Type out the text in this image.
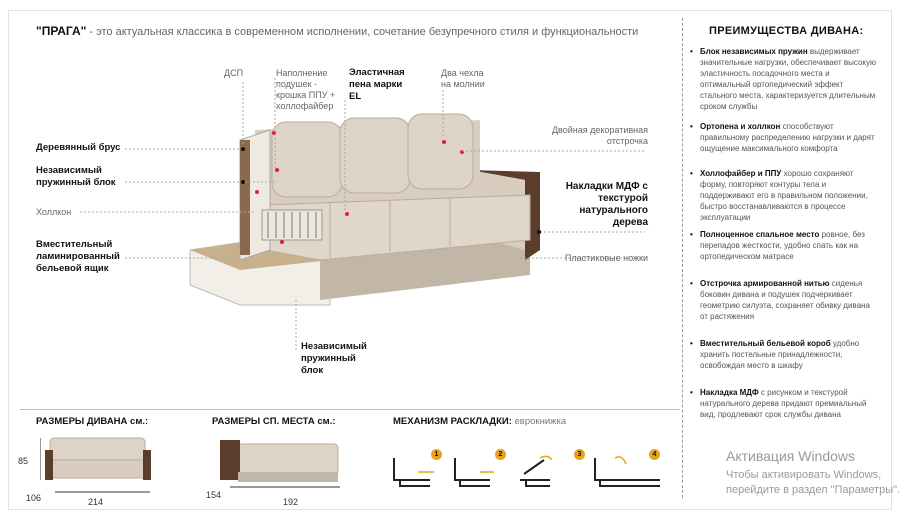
"ПРАГА" - это актуальная классика в современном исполнении, сочетание безупречного стиля и функциональности
ДСП	Наполнение подушек - крошка ППУ + холлофайбер
Эластичная пена марки EL
Два чехла на молнии
Деревянный брус
Независимый пружинный блок
Холлкон
Вместительный ламинированный бельевой ящик
Двойная декоративная отстрочка
Накладки МДФ с текстурой натурального дерева
Пластиковые ножки
Независимый пружинный блок
ПРЕИМУЩЕСТВА ДИВАНА:
• Блок независимых пружин выдерживает значительные нагрузки, обеспечивает высокую эластичность посадочного места и оптимальный ортопедический эффект стального места, характеризуется длительным сроком службы
• Ортопена и холлкон способствуют правильному распределению нагрузки и дарят ощущение максимального комфорта
• Холлофайбер и ППУ хорошо сохраняют форму, повторяют контуры тела и поддерживают его в правильном положении, быстро восстанавливаются в процессе эксплуатации
• Полноценное спальное место ровное, без перепадов жесткости, удобно спать как на ортопедическом матрасе
• Отстрочка армированной нитью сиденья боковин дивана и подушек подчеркивает геометрию силуэта, сохраняет обивку дивана от растяжения
• Вместительный бельевой короб удобно хранить постельные принадлежности, освобождая место в шкафу
• Накладка МДФ с рисунком и текстурой натурального дерева придают премиальный вид, продлевают срок службы дивана
РАЗМЕРЫ ДИВАНА см.:
85
106	214
РАЗМЕРЫ СП. МЕСТА см.:
154
192
МЕХАНИЗМ РАСКЛАДКИ: еврокнижка
1	2	3	4	Активация Windows
Чтобы активировать Windows, перейдите в раздел "Параметры".
